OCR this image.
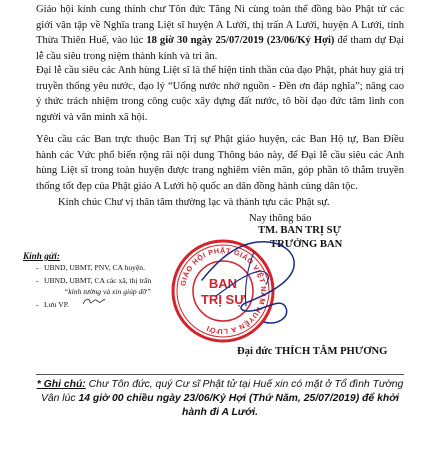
Giáo hội kính cung thỉnh chư Tôn đức Tăng Ni cùng toàn thể đồng bào Phật tử các giới vân tập về Nghĩa trang Liệt sĩ huyện A Lưới, thị trấn A Lưới, huyện A Lưới, tỉnh Thừa Thiên Huế, vào lúc 18 giờ 30 ngày 25/07/2019 (23/06/Kỷ Hợi) để tham dự Đại lễ cầu siêu trong niệm thành kính và tri ân.
Đại lễ cầu siêu các Anh hùng Liệt sĩ là thể hiện tinh thần của đạo Phật, phát huy giá trị truyền thống yêu nước, đạo lý “Uống nước nhớ nguồn - Đền ơn đáp nghĩa”; nâng cao ý thức trách nhiệm trong công cuộc xây dựng đất nước, tô bồi đạo đức tâm linh con người và văn minh xã hội.
Yêu cầu các Ban trực thuộc Ban Trị sự Phật giáo huyện, các Ban Hộ tự, Ban Điều hành các Vức phổ biến rộng rãi nội dung Thông báo này, để Đại lễ cầu siêu các Anh hùng Liệt sĩ trong toàn huyện được trang nghiêm viên mãn, góp phần tô thắm truyền thống tốt đẹp của Phật giáo A Lưới hộ quốc an dân đồng hành cùng dân tộc.
Kính chúc Chư vị thân tâm thường lạc và thành tựu các Phật sự.
Nay thông báo
TM. BAN TRỊ SỰ
TRƯỞNG BAN
GIÁO HỘI PHẬT GIÁO VIỆT NAM HUYỆN A LƯỚI
BAN
TRỊ SỰ
Đại đức THÍCH TÂM PHƯƠNG
Kính gửi:
- UBND, UBMT, PNV, CA huyện.
- UBND, UBMT, CA các xã, thị trấn
“kính tường và xin giúp đỡ”
- Lưu VP.
* Ghi chú: Chư Tôn đức, quý Cư sĩ Phật tử tại Huế xin có mặt ở Tổ đình Tường Vân lúc 14 giờ 00 chiều ngày 23/06/Kỷ Hợi (Thứ Năm, 25/07/2019) để khởi hành đi A Lưới.
